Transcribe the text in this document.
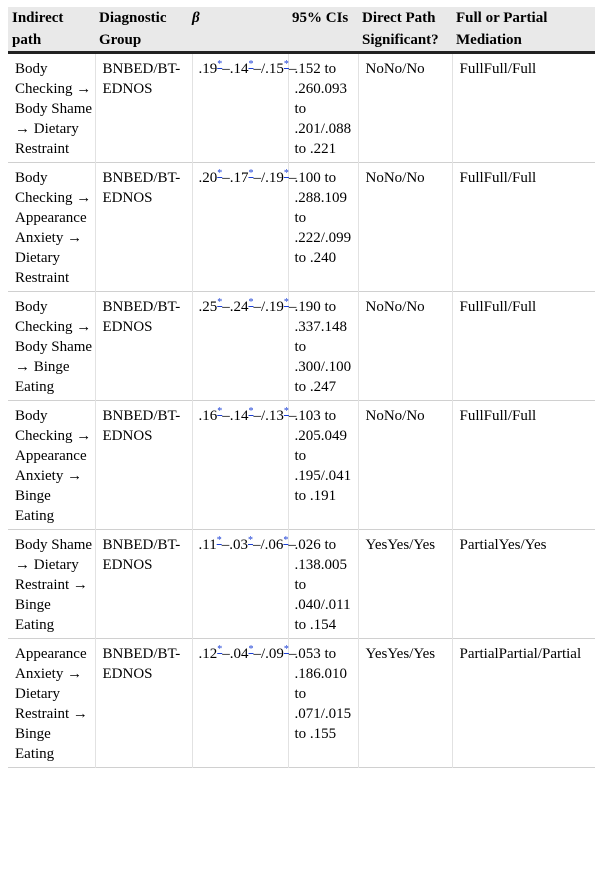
Indirect path	Diagnostic Group	β	95% CIs	Direct Path Significant?	Full or Partial Mediation
Body Checking → Body Shame → Dietary Restraint	BNBED/BT-EDNOS	.19*–.14*–/.15*–	.152 to .260.093 to .201/.088 to .221	NoNo/No	FullFull/Full
Body Checking → Appearance Anxiety → Dietary Restraint	BNBED/BT-EDNOS	.20*–.17*–/.19*–	.100 to .288.109 to .222/.099 to .240	NoNo/No	FullFull/Full
Body Checking → Body Shame → Binge Eating	BNBED/BT-EDNOS	.25*–.24*–/.19*–	.190 to .337.148 to .300/.100 to .247	NoNo/No	FullFull/Full
Body Checking → Appearance Anxiety → Binge Eating	BNBED/BT-EDNOS	.16*–.14*–/.13*–	.103 to .205.049 to .195/.041 to .191	NoNo/No	FullFull/Full
Body Shame → Dietary Restraint → Binge Eating	BNBED/BT-EDNOS	.11*–.03*–/.06*–	.026 to .138.005 to .040/.011 to .154	YesYes/Yes	PartialYes/Yes
Appearance Anxiety → Dietary Restraint → Binge Eating	BNBED/BT-EDNOS	.12*–.04*–/.09*–	.053 to .186.010 to .071/.015 to .155	YesYes/Yes	PartialPartial/Partial
